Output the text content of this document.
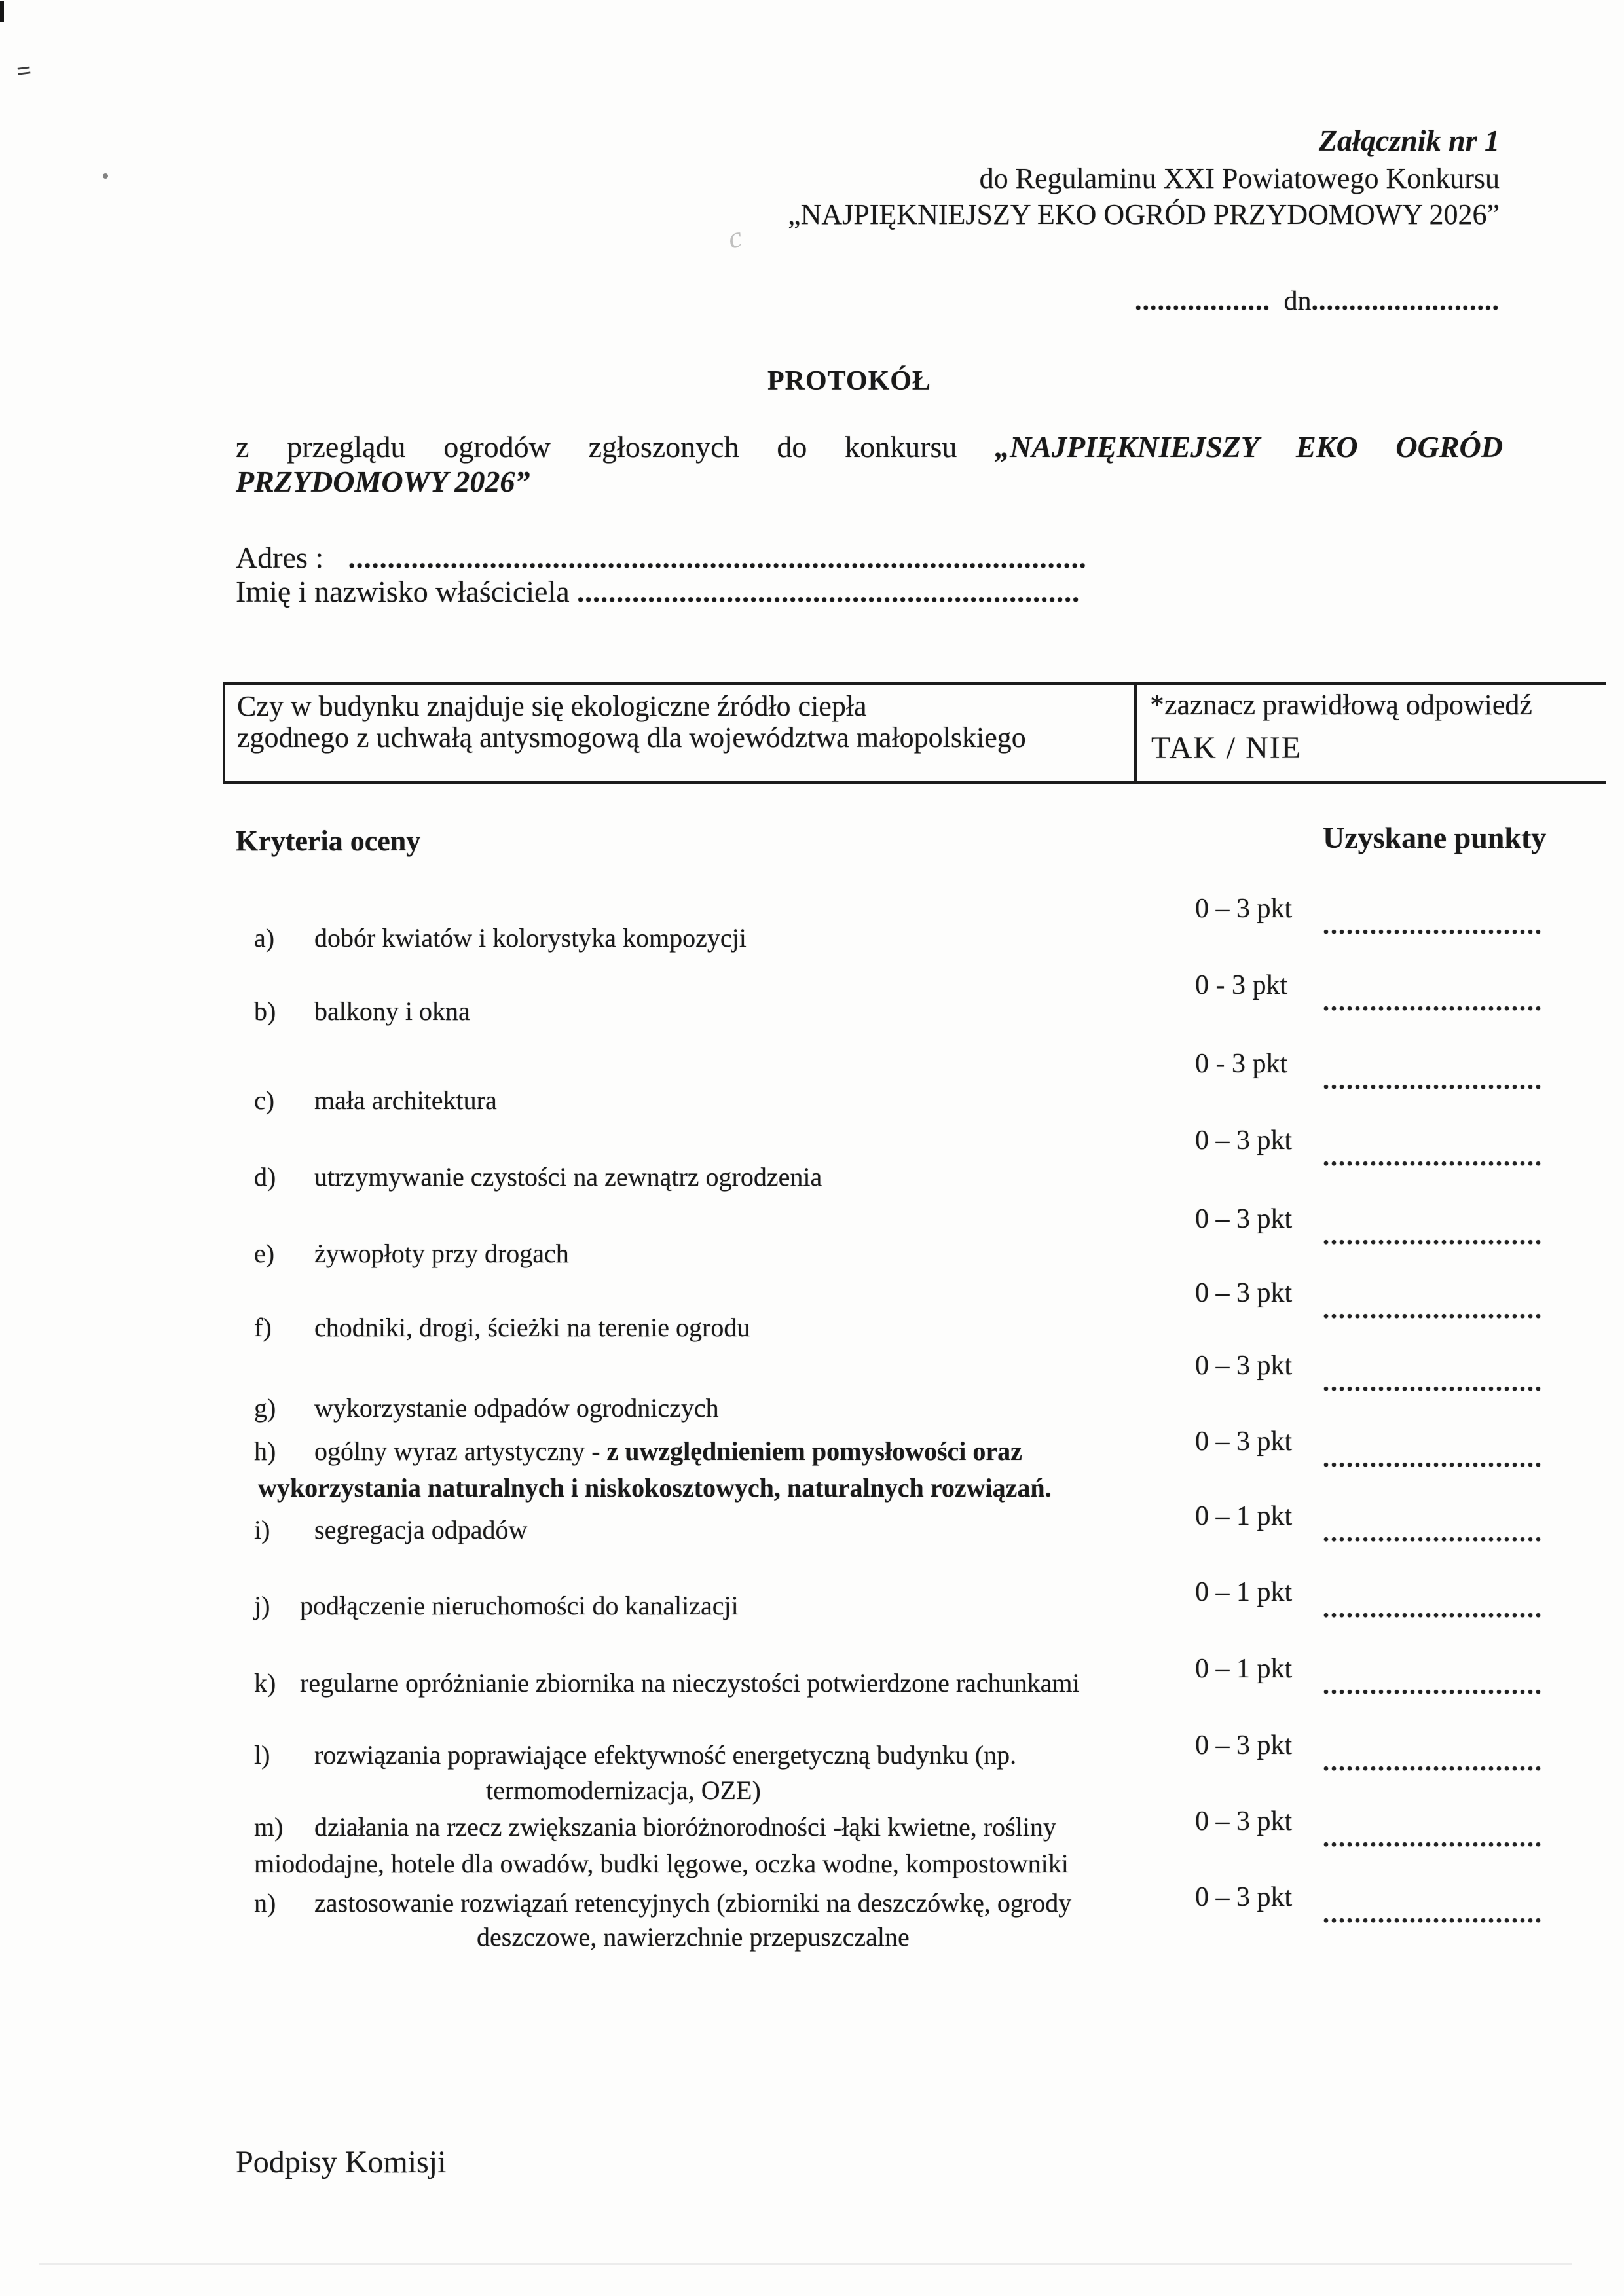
=
c
Załącznik nr 1
do Regulaminu XXI Powiatowego Konkursu
„NAJPIĘKNIEJSZY EKO OGRÓD PRZYDOMOWY 2026”
.................. dn.........................
PROTOKÓŁ
z przeglądu ogrodów zgłoszonych do konkursu „NAJPIĘKNIEJSZY EKO OGRÓD
PRZYDOMOWY 2026”
Adres : ..............................................................................................
Imię i nazwisko właściciela ................................................................
Czy w budynku znajduje się ekologiczne źródło ciepła
zgodnego z uchwałą antysmogową dla województwa małopolskiego
*zaznacz prawidłową odpowiedź
TAK / NIE
Kryteria oceny	Uzyskane punkty
0 – 3 pkt
............................
a) dobór kwiatów i kolorystyka kompozycji
0 - 3 pkt
............................
b) balkony i okna
0 - 3 pkt
............................
c) mała architektura
0 – 3 pkt
............................
d) utrzymywanie czystości na zewnątrz ogrodzenia
0 – 3 pkt
............................
e) żywopłoty przy drogach
0 – 3 pkt
............................
f) chodniki, drogi, ścieżki na terenie ogrodu
0 – 3 pkt
............................
g) wykorzystanie odpadów ogrodniczych
0 – 3 pkt
............................
h) ogólny wyraz artystyczny - z uwzględnieniem pomysłowości oraz
wykorzystania naturalnych i niskokosztowych, naturalnych rozwiązań.
0 – 1 pkt
............................
i) segregacja odpadów
0 – 1 pkt
............................
j) podłączenie nieruchomości do kanalizacji
0 – 1 pkt
............................
k) regularne opróżnianie zbiornika na nieczystości potwierdzone rachunkami
0 – 3 pkt
............................
l) rozwiązania poprawiające efektywność energetyczną budynku (np.
termomodernizacja, OZE)
0 – 3 pkt
............................
m) działania na rzecz zwiększania bioróżnorodności -łąki kwietne, rośliny
miododajne, hotele dla owadów, budki lęgowe, oczka wodne, kompostowniki
0 – 3 pkt
............................
n) zastosowanie rozwiązań retencyjnych (zbiorniki na deszczówkę, ogrody
deszczowe, nawierzchnie przepuszczalne
Podpisy Komisji
